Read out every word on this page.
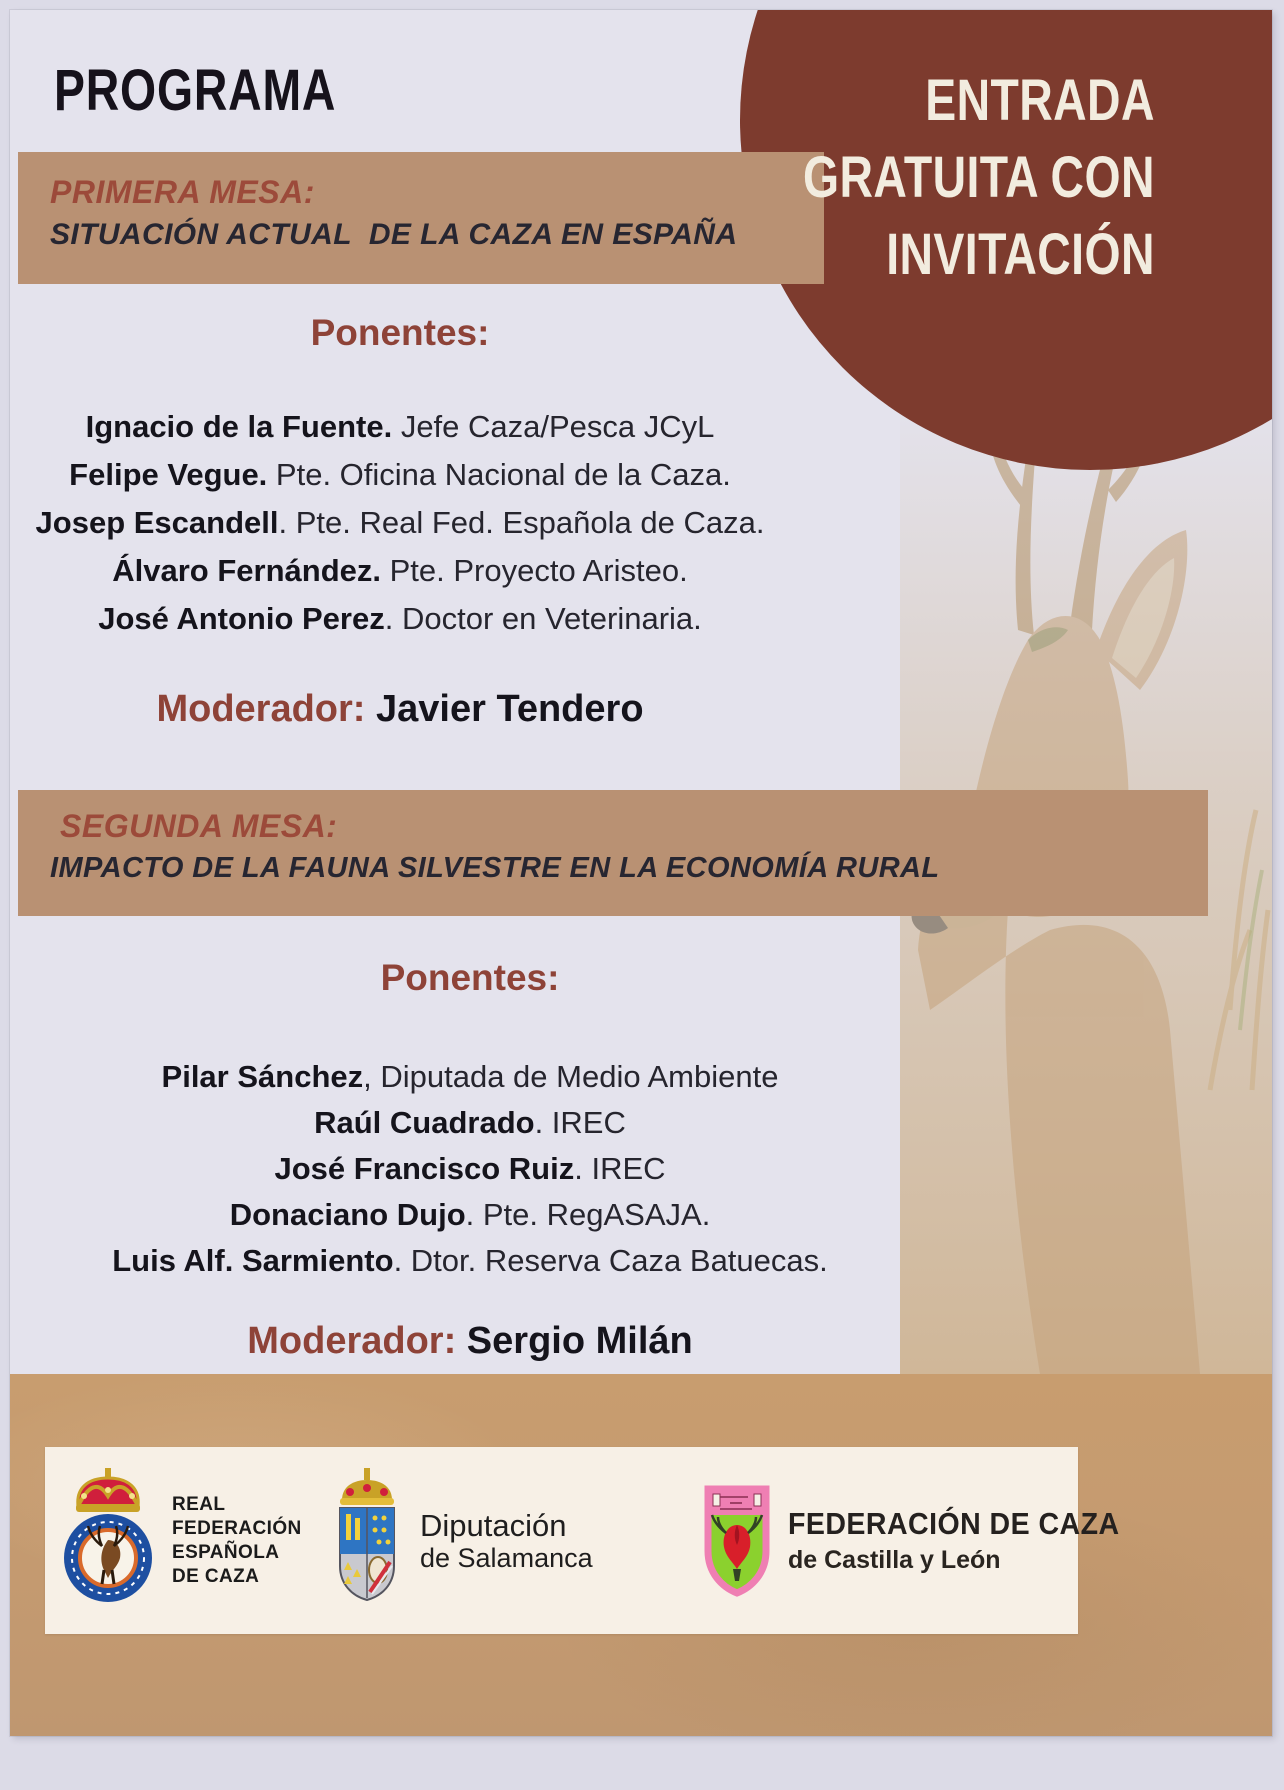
ENTRADA
GRATUITA CON
INVITACIÓN
PROGRAMA
PRIMERA MESA:
SITUACIÓN ACTUAL  DE LA CAZA EN ESPAÑA
Ponentes:
Ignacio de la Fuente. Jefe Caza/Pesca JCyL
Felipe Vegue. Pte. Oficina Nacional de la Caza.
Josep Escandell. Pte. Real Fed. Española de Caza.
Álvaro Fernández. Pte. Proyecto Aristeo.
José Antonio Perez. Doctor en Veterinaria.
Moderador: Javier Tendero
SEGUNDA MESA:
IMPACTO DE LA FAUNA SILVESTRE EN LA ECONOMÍA RURAL
Ponentes:
Pilar Sánchez, Diputada de Medio Ambiente
Raúl Cuadrado. IREC
José Francisco Ruiz. IREC
Donaciano Dujo. Pte. RegASAJA.
Luis Alf. Sarmiento. Dtor. Reserva Caza Batuecas.
Moderador: Sergio Milán
REAL
FEDERACIÓN
ESPAÑOLA
DE CAZA
Diputación
de Salamanca
FEDERACIÓN DE CAZA
de Castilla y León
